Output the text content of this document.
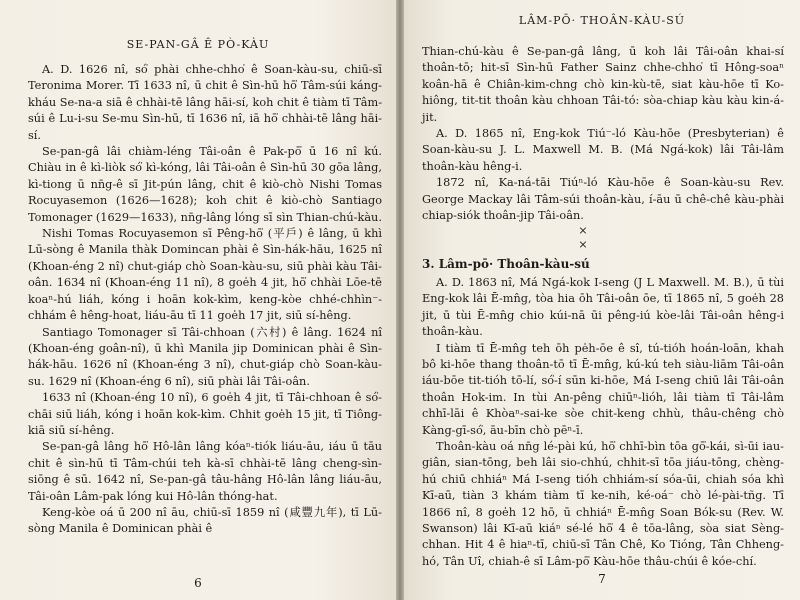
SE-PAN-GÂ Ê PÒ-KÀU

A. D. 1626 nî, só͘ phài chhe-chho͘ ê Soan-kàu-su, chiū-sī Teronima Morer. Tī 1633 nî, ū chit ê Sìn-hū hō͘ Tâm-súi káng-kháu Se-na-a siā ê chhài-tē lâng hāi-sí, koh chit ê tiàm tī Tâm-súi ê Lu-i-su Se-mu Sìn-hū, tī 1636 nî, iā hō͘ chhài-tē lâng hāi-sí.

Se-pan-gâ lâi chiàm-léng Tâi-oân ê Pak-pō͘ ū 16 nî kú. Chiàu in ê kì-liòk só͘ kì-kóng, lâi Tâi-oân ê Sìn-hū 30 gōa lâng, kì-tiong ū nn̄g-ê sī Jit-pún lâng, chit ê kiò-chò Nishi Tomas Rocuyasemon (1626—1628); koh chit ê kiò-chò Santiago Tomonager (1629—1633), nn̄g-lâng lóng sī sìn Thian-chú-kàu.

Nishi Tomas Rocuyasemon sī Pêng-hō͘ (平戶) ê lâng, ū khì Lū-sòng ê Manila thàk Domincan phài ê Sìn-hák-hāu, 1625 nî (Khoan-éng 2 nî) chut-giáp chò Soan-kàu-su, siū phài kàu Tâi-oân. 1634 nî (Khoan-éng 11 nî), 8 goe̍h 4 jit, hō͘ chhài Lōe-tē koaⁿ-hú liáh, kóng i hoān kok-kìm, keng-kòe chhé-chhìn⁻-chhám ê hêng-hoat, liáu-āu tī 11 goe̍h 17 jit, siū sí-hêng.

Santiago Tomonager sī Tâi-chhoan (六村) ê lâng. 1624 nî (Khoan-éng goân-nî), ū khì Manila jip Dominican phài ê Sìn-hák-hāu. 1626 nî (Khoan-éng 3 nî), chut-giáp chò Soan-kàu-su. 1629 nî (Khoan-éng 6 nî), siū phài lâi Tâi-oân.

1633 nî (Khoan-éng 10 nî), 6 goe̍h 4 jit, tī Tâi-chhoan ê só͘-chāi siū liáh, kóng i hoān kok-kìm. Chhit goe̍h 15 jit, tī Tiông-kiā siū sí-hêng.

Se-pan-gâ lâng hō͘ Hô-lân lâng kóaⁿ-tiók liáu-āu, iáu ū tāu chit ê sìn-hū tī Tâm-chúi teh kà-sī chhài-tē lâng cheng-sìn-siōng ê sū. 1642 nî, Se-pan-gâ tâu-hâng Hô-lân lâng liáu-āu, Tâi-oân Lâm-pak lóng kui Hô-lân thóng-hat.

Keng-kòe oá ū 200 nî āu, chiū-sī 1859 nî (咸豐九年), tī Lū-sòng Manila ê Dominican phài ê

6
LÂM-PŌ· THOÂN-KÀU-SÚ

Thian-chú-kàu ê Se-pan-gâ lâng, ū koh lâi Tâi-oân khai-sí thoân-tō; hit-sī Sìn-hū Father Sainz chhe-chho͘ tī Hông-soaⁿ koân-hā ê Chiân-kim-chng chò kin-kù-tē, siat kàu-hōe tī Ko-hiông, tit-tit thoân kàu chhoan Tâi-tó: sòa-chiap kàu kàu kin-á-jit.

A. D. 1865 nî, Eng-kok Tiú⁻-ló Kàu-hōe (Presbyterian) ê Soan-kàu-su J. L. Maxwell M. B. (Má Ngá-kok) lâi Tâi-lâm thoân-kàu hêng-i.

1872 nî, Ka-ná-tāi Tiúⁿ-ló Kàu-hōe ê Soan-kàu-su Rev. George Mackay lâi Tâm-súi thoân-kàu, í-āu ū chê-chê kàu-phài chiap-siók thoân-jip Tâi-oân.

× ×
3. Lâm-pō· Thoân-kàu-sú

A. D. 1863 nî, Má Ngá-kok I-seng (J L Maxwell. M. B.), ū tùi Eng-kok lâi Ē-mn̂g, tòa hia ōh Tâi-oân ōe, tī 1865 nî, 5 goe̍h 28 jit, ū tùi Ē-mn̂g chio kúi-nā ūi pêng-iú kòe-lâi Tâi-oân hêng-i thoân-kàu.

I tiàm tī Ē-mn̂g teh ōh pe̍h-ōe ê sî, tú-tióh hoán-loān, khah bô ki-hōe thang thoân-tō tī Ē-mn̂g, kú-kú teh siàu-liām Tâi-oân iáu-bōe tit-tióh tō-lí, só͘-í sūn ki-hōe, Má I-seng chiū lâi Tâi-oân thoân Hok-im. In tùi An-pêng chiūⁿ-lióh, lâi tiàm tī Tâi-lâm chhī-lāi ê Khòaⁿ-sai-ke sòe chit-keng chhù, thâu-chêng chò Kàng-gī-só͘, āu-bīn chò pēⁿ-ī.

Thoân-kàu oá nn̄g lé-pài kú, hō͘ chhī-bìn tōa gō͘-kái, sì-ūi iau-giân, sian-tōng, beh lâi sio-chhú, chhit-sī tōa jiáu-tōng, chèng-hú chiū chhiáⁿ Má I-seng tióh chhiám-sí sóa-ūi, chiah sóa khì Kī-aū, tiàn 3 khám tiàm tī ke-nih, ké-oá⁻ chò lé-pài-tñg. Tī 1866 nî, 8 goe̍h 12 hō, ū chhiáⁿ Ē-mn̂g Soan Bók-su (Rev. W. Swanson) lâi Kī-aū kiáⁿ sé-lé hō͘ 4 ê tōa-lâng, sòa siat Sèng-chhan. Hit 4 ê hiaⁿ-tī, chiū-sī Tân Chê, Ko Tióng, Tân Chheng-hó, Tân Uî, chiah-ê sī Lâm-pō͘ Kàu-hōe thâu-chúi ê kóe-chí.

7
